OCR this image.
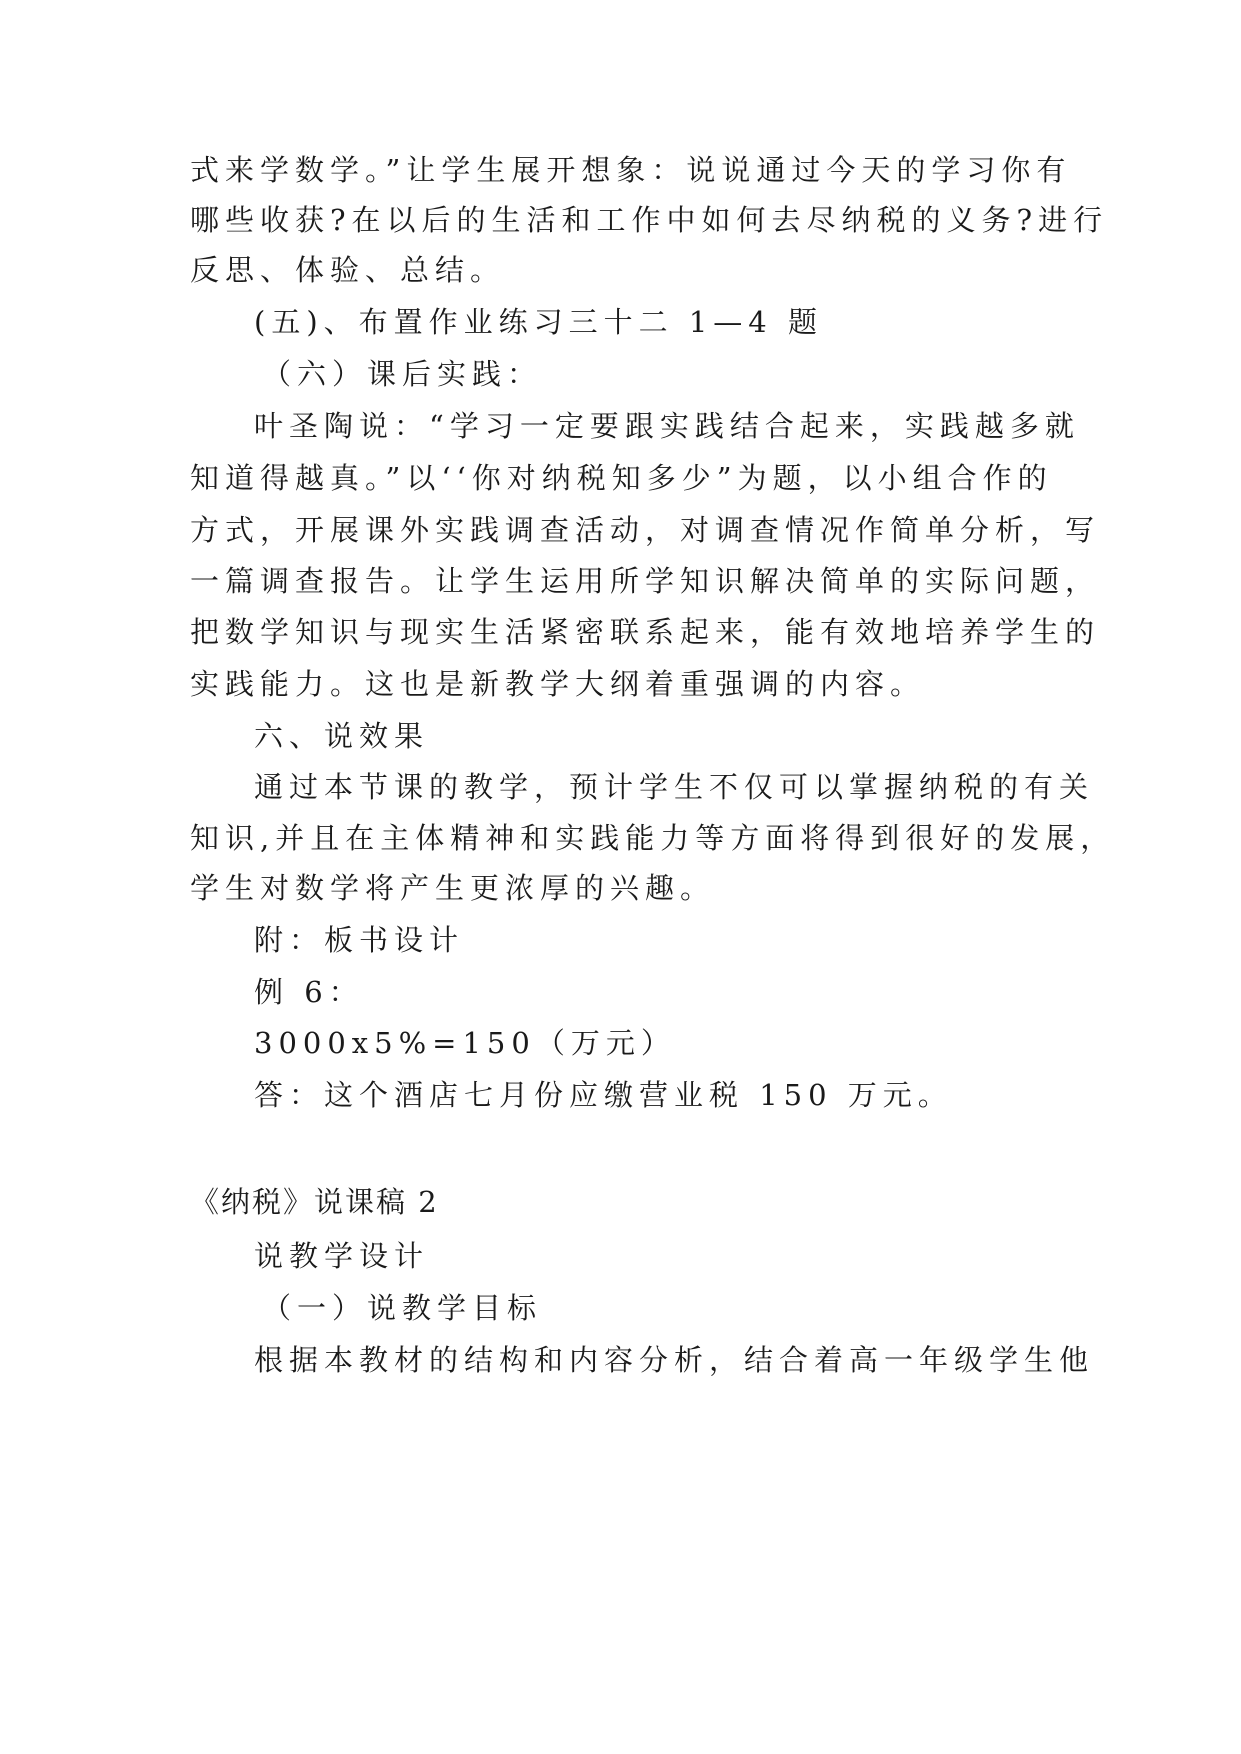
式来学数学。”让学生展开想象：说说通过今天的学习你有
哪些收获?在以后的生活和工作中如何去尽纳税的义务?进行
反思、体验、总结。
(五)、布置作业练习三十二 1—4 题
（六）课后实践：
叶圣陶说：“学习一定要跟实践结合起来，实践越多就
知道得越真。”以‘‘你对纳税知多少”为题，以小组合作的
方式，开展课外实践调查活动，对调查情况作简单分析，写
一篇调查报告。让学生运用所学知识解决简单的实际问题，
把数学知识与现实生活紧密联系起来，能有效地培养学生的
实践能力。这也是新教学大纲着重强调的内容。
六、说效果
通过本节课的教学，预计学生不仅可以掌握纳税的有关
知识,并且在主体精神和实践能力等方面将得到很好的发展，
学生对数学将产生更浓厚的兴趣。
附：板书设计
例 6：
3000x5%=150（万元）
答：这个酒店七月份应缴营业税 150 万元。
《纳税》说课稿 2
说教学设计
（一）说教学目标
根据本教材的结构和内容分析，结合着高一年级学生他
